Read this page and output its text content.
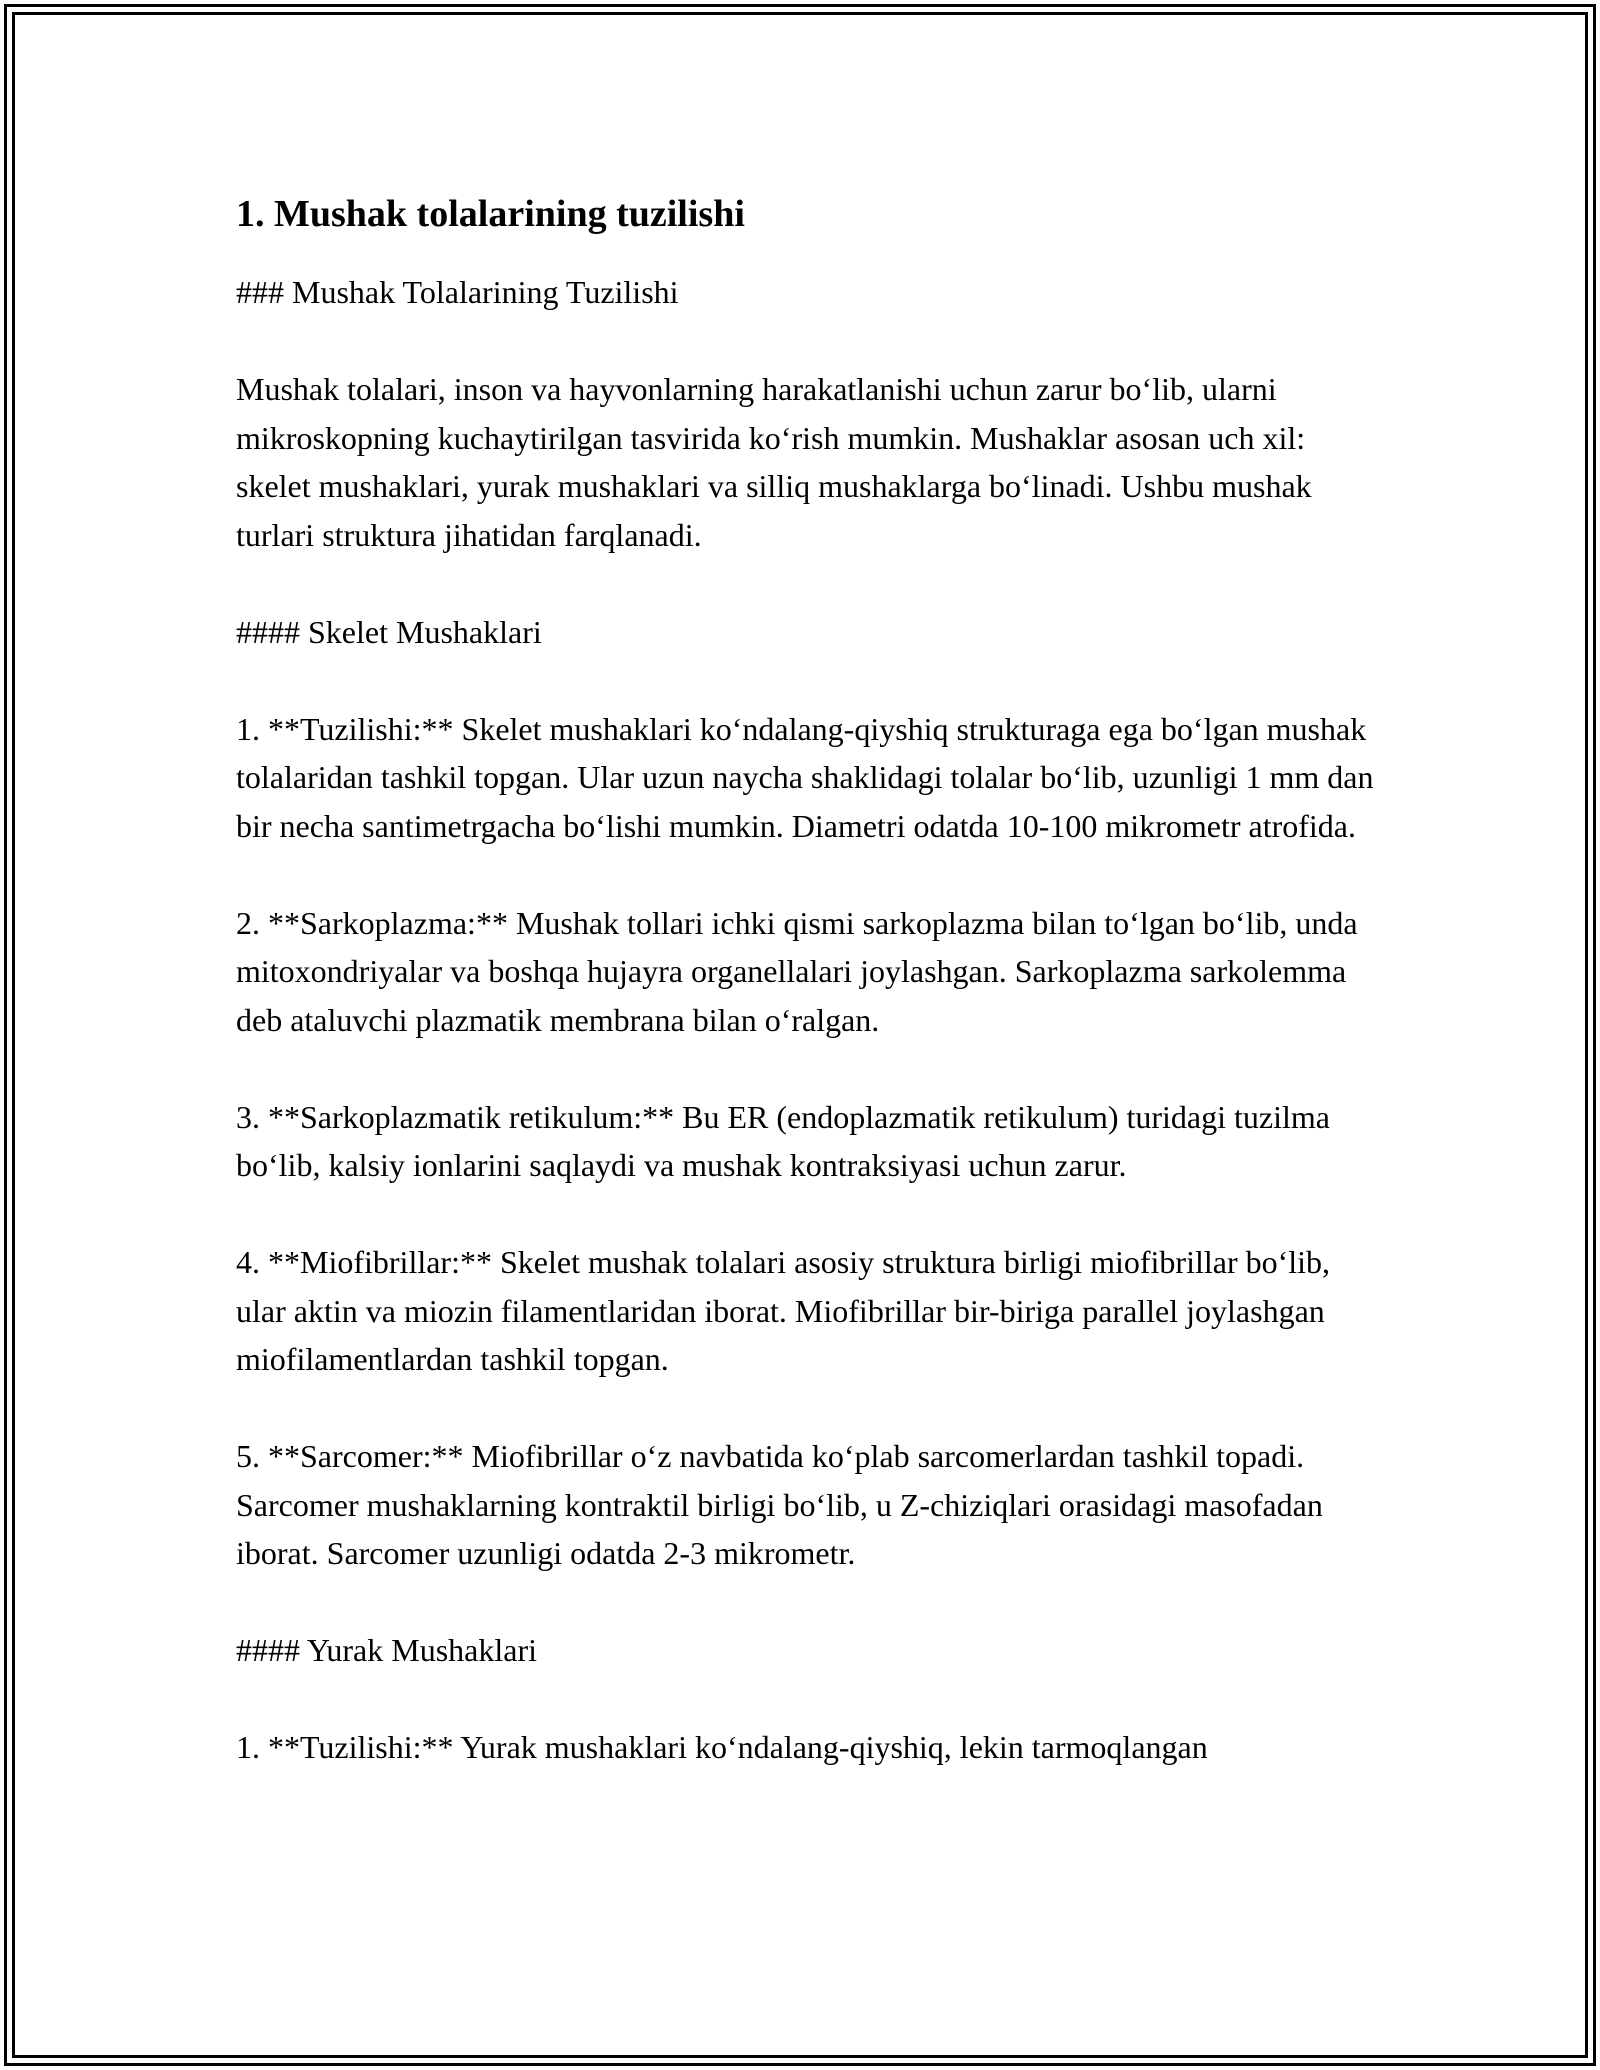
1. Mushak tolalarining tuzilishi

### Mushak Tolalarining Tuzilishi

Mushak tolalari, inson va hayvonlarning harakatlanishi uchun zarur bo‘lib, ularni mikroskopning kuchaytirilgan tasvirida ko‘rish mumkin. Mushaklar asosan uch xil: skelet mushaklari, yurak mushaklari va silliq mushaklarga bo‘linadi. Ushbu mushak turlari struktura jihatidan farqlanadi.

#### Skelet Mushaklari

1. **Tuzilishi:** Skelet mushaklari ko‘ndalang-qiyshiq strukturaga ega bo‘lgan mushak tolalaridan tashkil topgan. Ular uzun naycha shaklidagi tolalar bo‘lib, uzunligi 1 mm dan bir necha santimetrgacha bo‘lishi mumkin. Diametri odatda 10-100 mikrometr atrofida.

2. **Sarkoplazma:** Mushak tollari ichki qismi sarkoplazma bilan to‘lgan bo‘lib, unda mitoxondriyalar va boshqa hujayra organellalari joylashgan. Sarkoplazma sarkolemma deb ataluvchi plazmatik membrana bilan o‘ralgan.

3. **Sarkoplazmatik retikulum:** Bu ER (endoplazmatik retikulum) turidagi tuzilma bo‘lib, kalsiy ionlarini saqlaydi va mushak kontraksiyasi uchun zarur.

4. **Miofibrillar:** Skelet mushak tolalari asosiy struktura birligi miofibrillar bo‘lib, ular aktin va miozin filamentlaridan iborat. Miofibrillar bir-biriga parallel joylashgan miofilamentlardan tashkil topgan.

5. **Sarcomer:** Miofibrillar o‘z navbatida ko‘plab sarcomerlardan tashkil topadi. Sarcomer mushaklarning kontraktil birligi bo‘lib, u Z-chiziqlari orasidagi masofadan iborat. Sarcomer uzunligi odatda 2-3 mikrometr.

#### Yurak Mushaklari

1. **Tuzilishi:** Yurak mushaklari ko‘ndalang-qiyshiq, lekin tarmoqlangan
